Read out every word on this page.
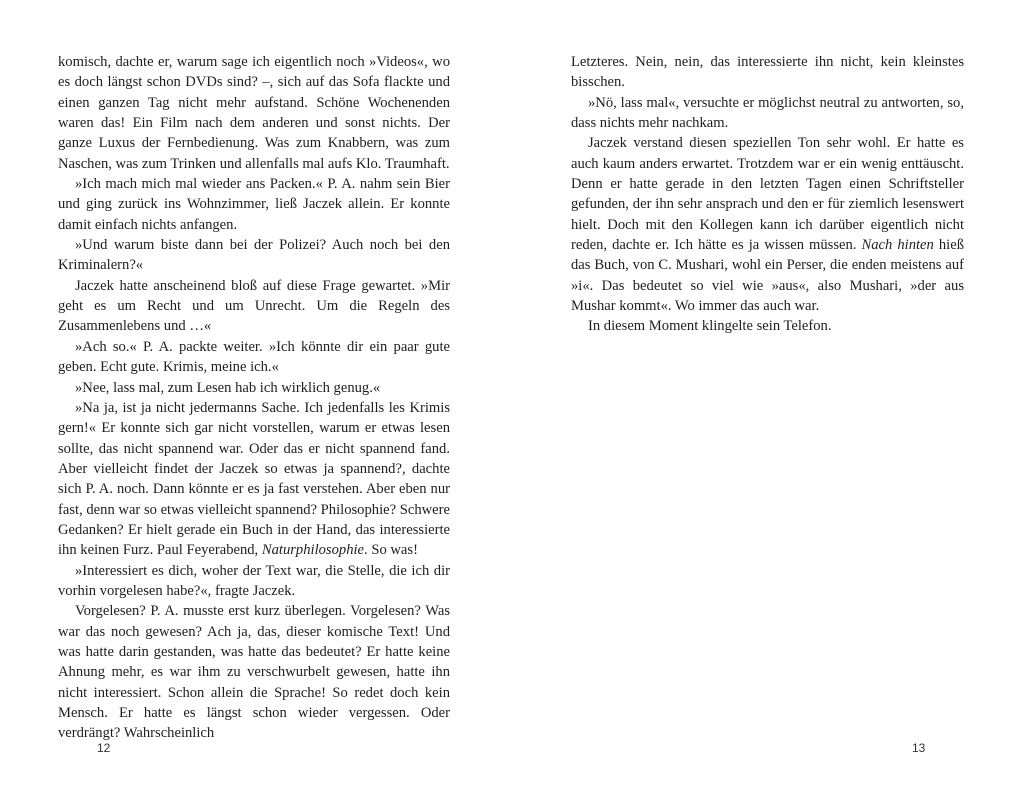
komisch, dachte er, warum sage ich eigentlich noch »Videos«, wo es doch längst schon DVDs sind? –, sich auf das Sofa flackte und einen ganzen Tag nicht mehr aufstand. Schöne Wochenenden waren das! Ein Film nach dem anderen und sonst nichts. Der ganze Luxus der Fernbedienung. Was zum Knabbern, was zum Naschen, was zum Trinken und allenfalls mal aufs Klo. Traumhaft.

»Ich mach mich mal wieder ans Packen.« P. A. nahm sein Bier und ging zurück ins Wohnzimmer, ließ Jaczek allein. Er konnte damit einfach nichts anfangen.

»Und warum biste dann bei der Polizei? Auch noch bei den Kriminalern?«

Jaczek hatte anscheinend bloß auf diese Frage gewartet. »Mir geht es um Recht und um Unrecht. Um die Regeln des Zusammenlebens und …«

»Ach so.« P. A. packte weiter. »Ich könnte dir ein paar gute geben. Echt gute. Krimis, meine ich.«

»Nee, lass mal, zum Lesen hab ich wirklich genug.«

»Na ja, ist ja nicht jedermanns Sache. Ich jedenfalls les Krimis gern!« Er konnte sich gar nicht vorstellen, warum er etwas lesen sollte, das nicht spannend war. Oder das er nicht spannend fand. Aber vielleicht findet der Jaczek so etwas ja spannend?, dachte sich P. A. noch. Dann könnte er es ja fast verstehen. Aber eben nur fast, denn war so etwas vielleicht spannend? Philosophie? Schwere Gedanken? Er hielt gerade ein Buch in der Hand, das interessierte ihn keinen Furz. Paul Feyerabend, Naturphilosophie. So was!

»Interessiert es dich, woher der Text war, die Stelle, die ich dir vorhin vorgelesen habe?«, fragte Jaczek.

Vorgelesen? P. A. musste erst kurz überlegen. Vorgelesen? Was war das noch gewesen? Ach ja, das, dieser komische Text! Und was hatte darin gestanden, was hatte das bedeutet? Er hatte keine Ahnung mehr, es war ihm zu verschwurbelt gewesen, hatte ihn nicht interessiert. Schon allein die Sprache! So redet doch kein Mensch. Er hatte es längst schon wieder vergessen. Oder verdrängt? Wahrscheinlich

Letzteres. Nein, nein, das interessierte ihn nicht, kein kleinstes bisschen.

»Nö, lass mal«, versuchte er möglichst neutral zu antworten, so, dass nichts mehr nachkam.

Jaczek verstand diesen speziellen Ton sehr wohl. Er hatte es auch kaum anders erwartet. Trotzdem war er ein wenig enttäuscht. Denn er hatte gerade in den letzten Tagen einen Schriftsteller gefunden, der ihn sehr ansprach und den er für ziemlich lesenswert hielt. Doch mit den Kollegen kann ich darüber eigentlich nicht reden, dachte er. Ich hätte es ja wissen müssen. Nach hinten hieß das Buch, von C. Mushari, wohl ein Perser, die enden meistens auf »i«. Das bedeutet so viel wie »aus«, also Mushari, »der aus Mushar kommt«. Wo immer das auch war.

In diesem Moment klingelte sein Telefon.

12	13
